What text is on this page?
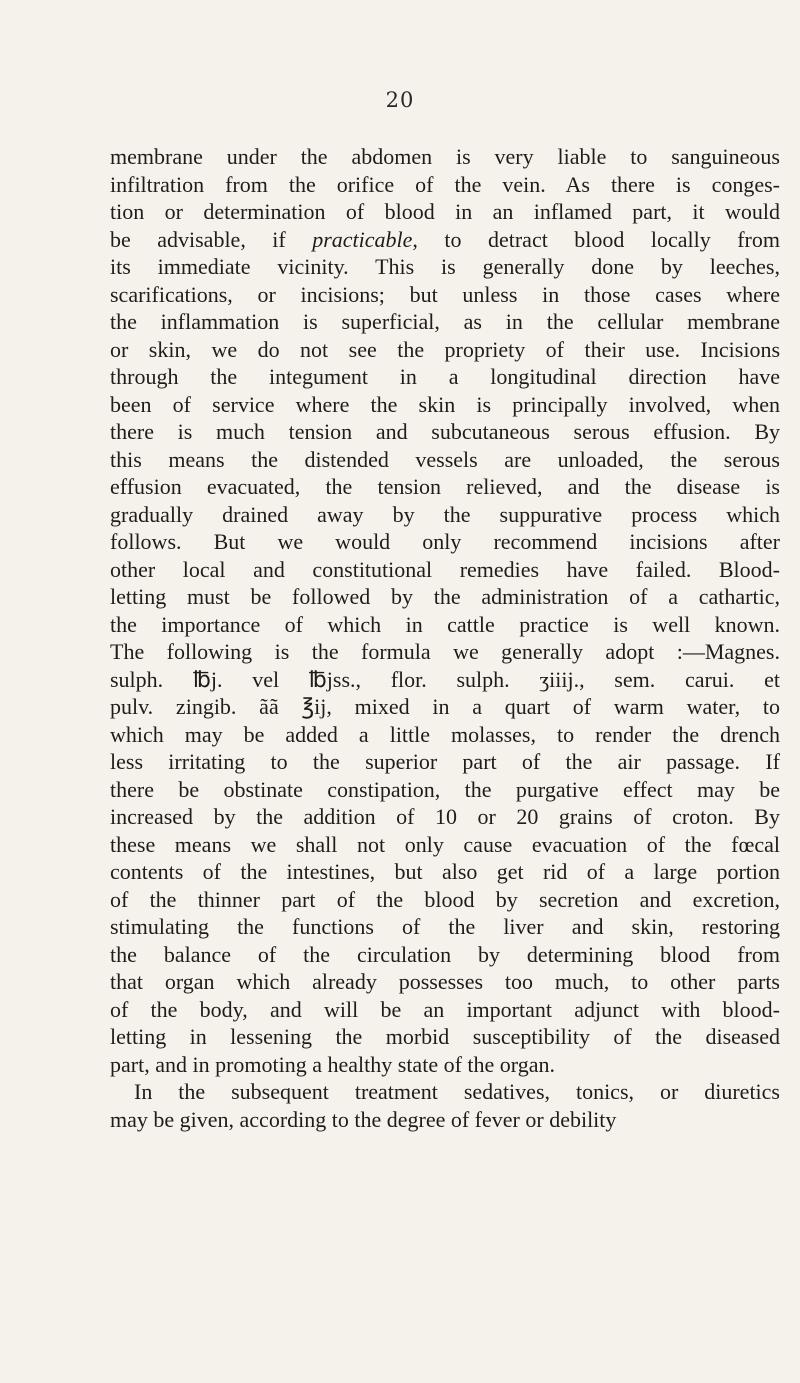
20
membrane under the abdomen is very liable to sanguineous
infiltration from the orifice of the vein. As there is conges-
tion or determination of blood in an inflamed part, it would
be advisable, if practicable, to detract blood locally from
its immediate vicinity. This is generally done by leeches,
scarifications, or incisions; but unless in those cases where
the inflammation is superficial, as in the cellular membrane
or skin, we do not see the propriety of their use. Incisions
through the integument in a longitudinal direction have
been of service where the skin is principally involved, when
there is much tension and subcutaneous serous effusion. By
this means the distended vessels are unloaded, the serous
effusion evacuated, the tension relieved, and the disease is
gradually drained away by the suppurative process which
follows. But we would only recommend incisions after
other local and constitutional remedies have failed. Blood-
letting must be followed by the administration of a cathartic,
the importance of which in cattle practice is well known.
The following is the formula we generally adopt :—Magnes.
sulph. ℔j. vel ℔jss., flor. sulph. ʒiiij., sem. carui. et
pulv. zingib. ãã ℥ij, mixed in a quart of warm water, to
which may be added a little molasses, to render the drench
less irritating to the superior part of the air passage. If
there be obstinate constipation, the purgative effect may be
increased by the addition of 10 or 20 grains of croton. By
these means we shall not only cause evacuation of the fœcal
contents of the intestines, but also get rid of a large portion
of the thinner part of the blood by secretion and excretion,
stimulating the functions of the liver and skin, restoring
the balance of the circulation by determining blood from
that organ which already possesses too much, to other parts
of the body, and will be an important adjunct with blood-
letting in lessening the morbid susceptibility of the diseased
part, and in promoting a healthy state of the organ.
In the subsequent treatment sedatives, tonics, or diuretics
may be given, according to the degree of fever or debility
